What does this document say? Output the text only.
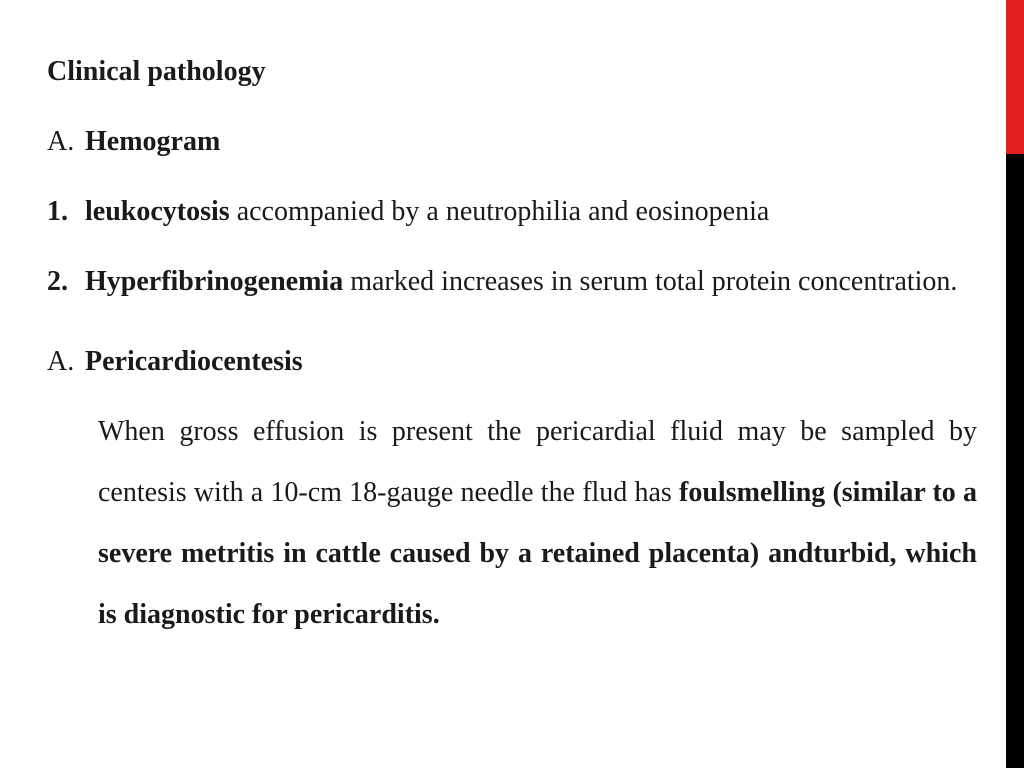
Clinical pathology

A. Hemogram
1. leukocytosis accompanied by a neutrophilia and eosinopenia
2. Hyperfibrinogenemia marked increases in serum total protein concentration.
A. Pericardiocentesis

When gross effusion is present the pericardial fluid may be sampled by centesis with a 10-cm 18-gauge needle the flud has foulsmelling (similar to a severe metritis in cattle caused by a retained placenta) andturbid, which is diagnostic for pericarditis.
